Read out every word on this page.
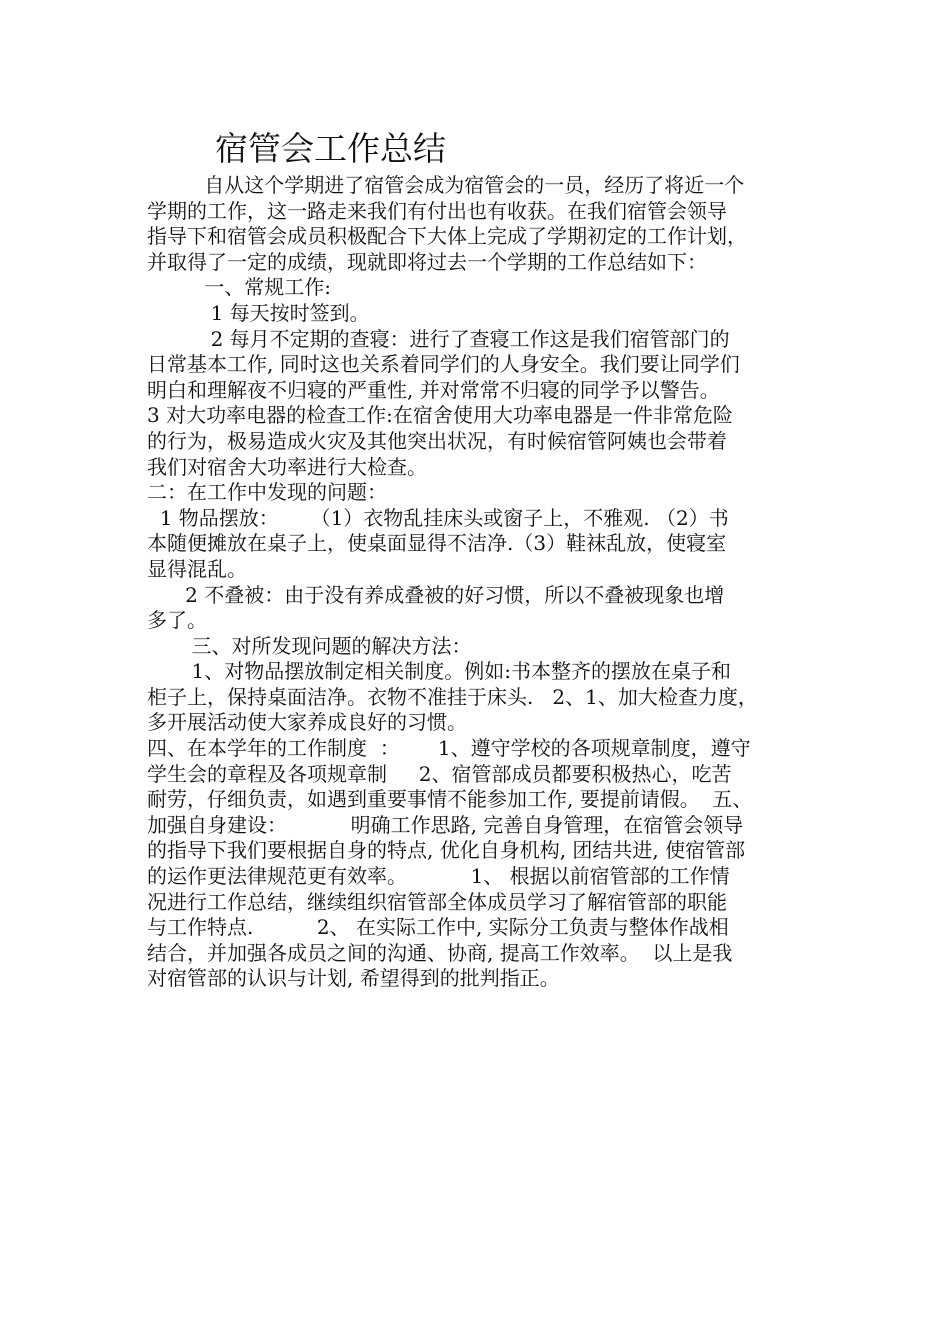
宿管会工作总结
自从这个学期进了宿管会成为宿管会的一员，经历了将近一个
学期的工作，这一路走来我们有付出也有收获。在我们宿管会领导
指导下和宿管会成员积极配合下大体上完成了学期初定的工作计划，
并取得了一定的成绩，现就即将过去一个学期的工作总结如下：
一、常规工作:
1 每天按时签到。
2 每月不定期的查寝：进行了查寝工作这是我们宿管部门的
日常基本工作, 同时这也关系着同学们的人身安全。我们要让同学们
明白和理解夜不归寝的严重性, 并对常常不归寝的同学予以警告。
3 对大功率电器的检查工作:在宿舍使用大功率电器是一件非常危险
的行为，极易造成火灾及其他突出状况，有时候宿管阿姨也会带着
我们对宿舍大功率进行大检查。
二：在工作中发现的问题：
1 物品摆放：     （1）衣物乱挂床头或窗子上，不雅观. （2）书
本随便摊放在桌子上，使桌面显得不洁净.（3）鞋袜乱放，使寝室
显得混乱。
2 不叠被：由于没有养成叠被的好习惯，所以不叠被现象也增
多了。
三、对所发现问题的解决方法：
1、对物品摆放制定相关制度。例如:书本整齐的摆放在桌子和
柜子上，保持桌面洁净。衣物不准挂于床头.   2、1、加大检查力度，
多开展活动使大家养成良好的习惯。
四、在本学年的工作制度  ：      1、遵守学校的各项规章制度，遵守
学生会的章程及各项规章制     2、宿管部成员都要积极热心，吃苦
耐劳，仔细负责，如遇到重要事情不能参加工作, 要提前请假。  五、
加强自身建设：          明确工作思路, 完善自身管理，在宿管会领导
的指导下我们要根据自身的特点, 优化自身机构, 团结共进, 使宿管部
的运作更法律规范更有效率。          1、 根据以前宿管部的工作情
况进行工作总结，继续组织宿管部全体成员学习了解宿管部的职能
与工作特点.          2、 在实际工作中, 实际分工负责与整体作战相
结合，并加强各成员之间的沟通、协商, 提高工作效率。  以上是我
对宿管部的认识与计划, 希望得到的批判指正。
